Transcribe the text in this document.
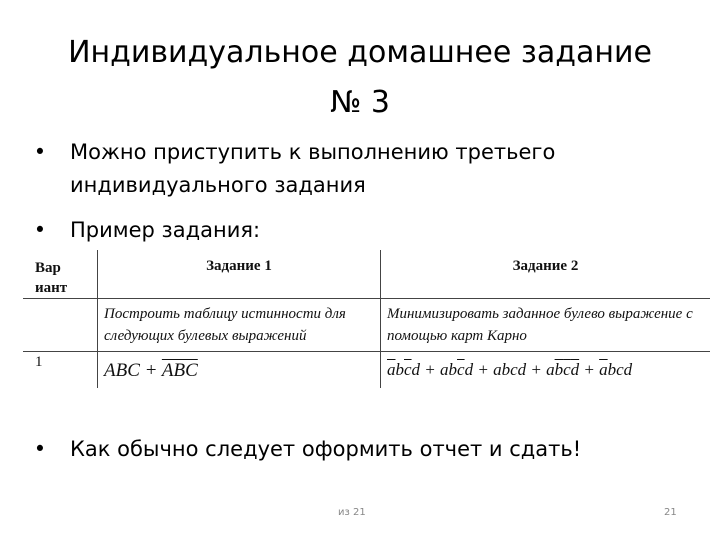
Индивидуальное домашнее задание
№ 3
• Можно приступить к выполнению третьего индивидуального задания
• Пример задания:
Вар иант	Задание 1	Задание 2
	Построить таблицу истинности для следующих булевых выражений	Минимизировать заданное булево выражение с помощью карт Карно
1	ABC + $\overline{ABC}$	$\overline{a}b\overline{c}d + ab\overline{c}d$ + abcd + $a\overline{b}\overline{c}\overline{d} + \overline{a}bcd$
• Как обычно следует оформить отчет и сдать!
из 21	21
